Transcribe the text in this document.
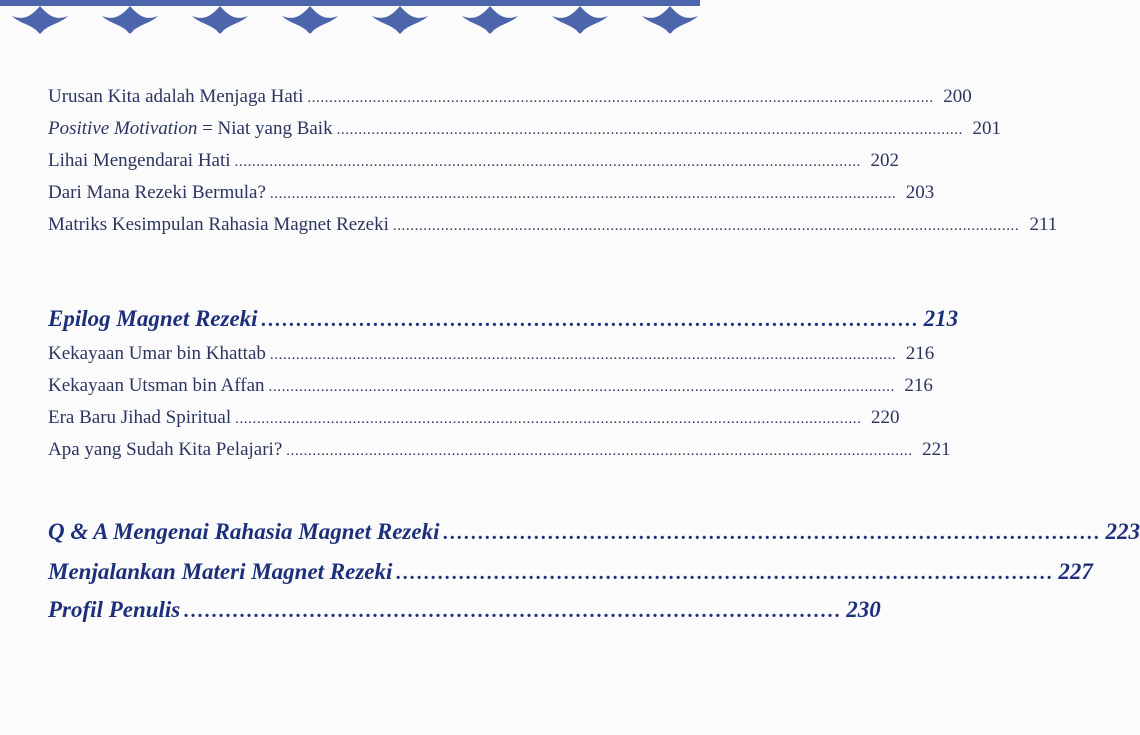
Urusan Kita adalah Menjaga Hati ................................................................................................................................................ 200
Positive Motivation = Niat yang Baik ................................................................................................................................................ 201
Lihai Mengendarai Hati ................................................................................................................................................ 202
Dari Mana Rezeki Bermula? ................................................................................................................................................ 203
Matriks Kesimpulan Rahasia Magnet Rezeki ................................................................................................................................................ 211
Epilog Magnet Rezeki .............................................................................................. 213
Kekayaan Umar bin Khattab ................................................................................................................................................ 216
Kekayaan Utsman bin Affan ................................................................................................................................................ 216
Era Baru Jihad Spiritual ................................................................................................................................................ 220
Apa yang Sudah Kita Pelajari? ................................................................................................................................................ 221
Q & A Mengenai Rahasia Magnet Rezeki .............................................................................................. 223
Menjalankan Materi Magnet Rezeki .............................................................................................. 227
Profil Penulis .............................................................................................. 230
